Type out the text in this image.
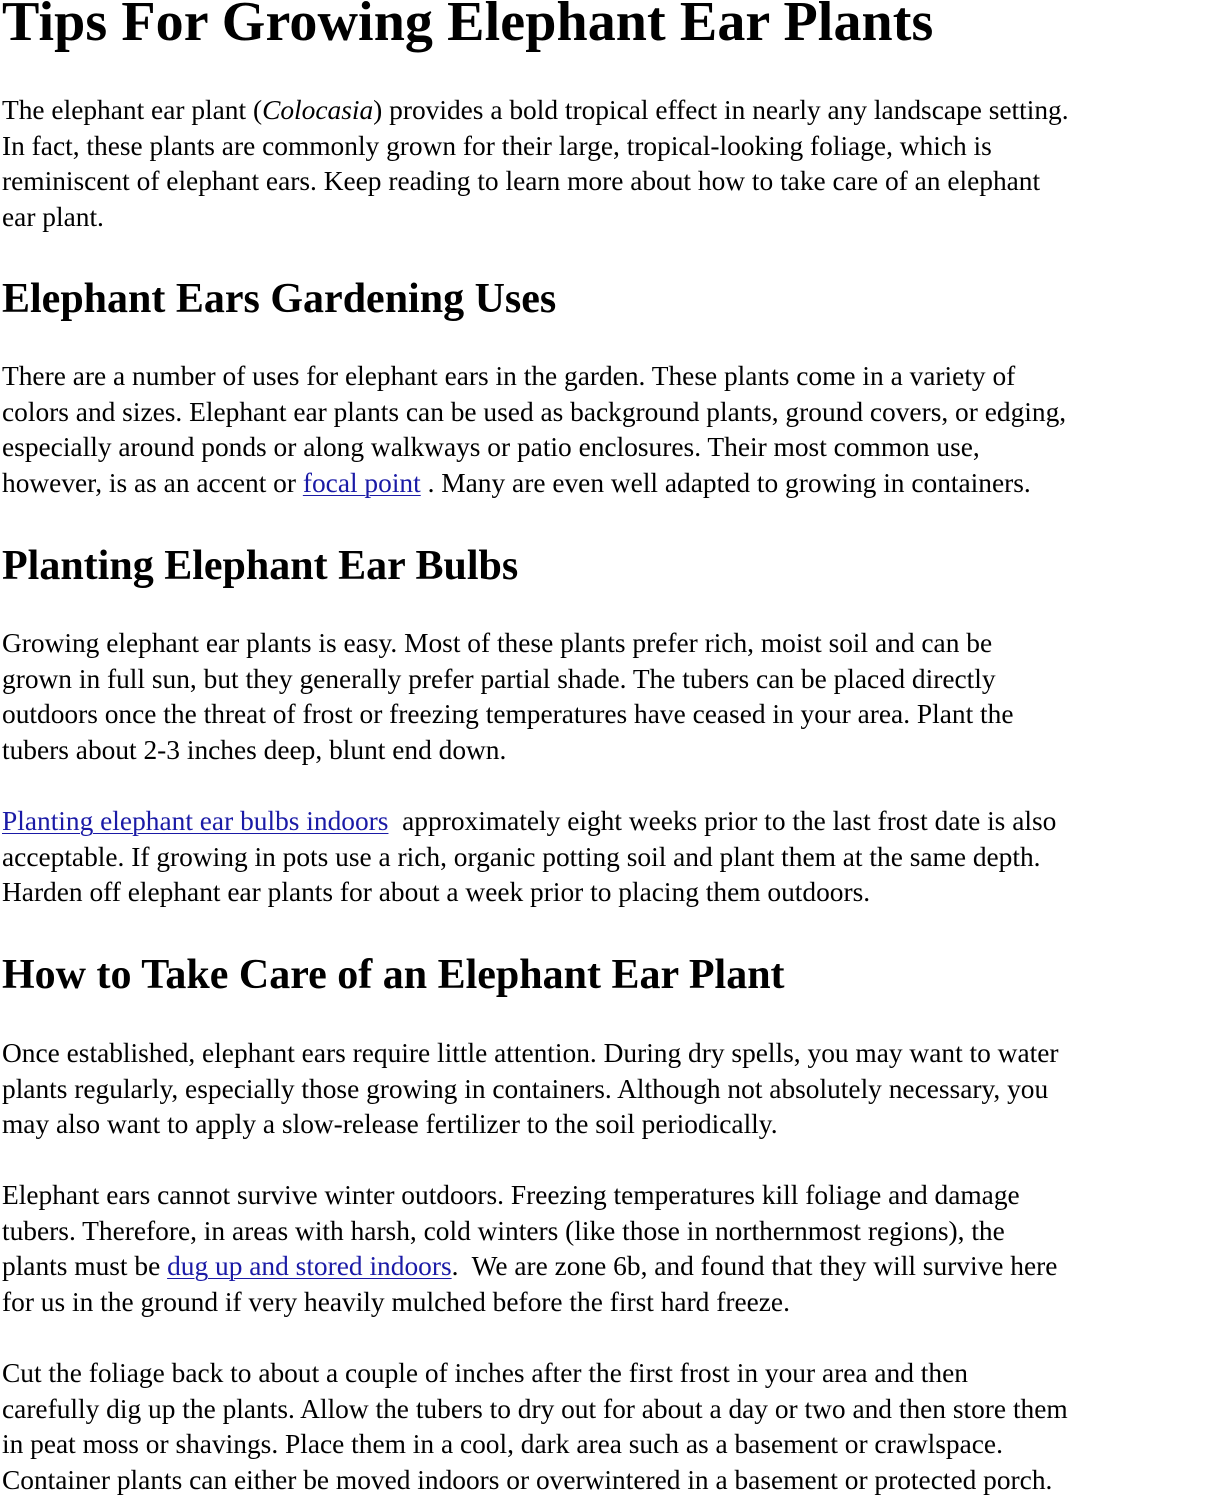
Tips For Growing Elephant Ear Plants

The elephant ear plant (Colocasia) provides a bold tropical effect in nearly any landscape setting.
In fact, these plants are commonly grown for their large, tropical-looking foliage, which is
reminiscent of elephant ears. Keep reading to learn more about how to take care of an elephant
ear plant.

Elephant Ears Gardening Uses

There are a number of uses for elephant ears in the garden. These plants come in a variety of
colors and sizes. Elephant ear plants can be used as background plants, ground covers, or edging,
especially around ponds or along walkways or patio enclosures. Their most common use,
however, is as an accent or focal point . Many are even well adapted to growing in containers.

Planting Elephant Ear Bulbs

Growing elephant ear plants is easy. Most of these plants prefer rich, moist soil and can be
grown in full sun, but they generally prefer partial shade. The tubers can be placed directly
outdoors once the threat of frost or freezing temperatures have ceased in your area. Plant the
tubers about 2-3 inches deep, blunt end down.

Planting elephant ear bulbs indoors  approximately eight weeks prior to the last frost date is also
acceptable. If growing in pots use a rich, organic potting soil and plant them at the same depth.
Harden off elephant ear plants for about a week prior to placing them outdoors.

How to Take Care of an Elephant Ear Plant

Once established, elephant ears require little attention. During dry spells, you may want to water
plants regularly, especially those growing in containers. Although not absolutely necessary, you
may also want to apply a slow-release fertilizer to the soil periodically.

Elephant ears cannot survive winter outdoors. Freezing temperatures kill foliage and damage
tubers. Therefore, in areas with harsh, cold winters (like those in northernmost regions), the
plants must be dug up and stored indoors.  We are zone 6b, and found that they will survive here
for us in the ground if very heavily mulched before the first hard freeze.

Cut the foliage back to about a couple of inches after the first frost in your area and then
carefully dig up the plants. Allow the tubers to dry out for about a day or two and then store them
in peat moss or shavings. Place them in a cool, dark area such as a basement or crawlspace.
Container plants can either be moved indoors or overwintered in a basement or protected porch.
